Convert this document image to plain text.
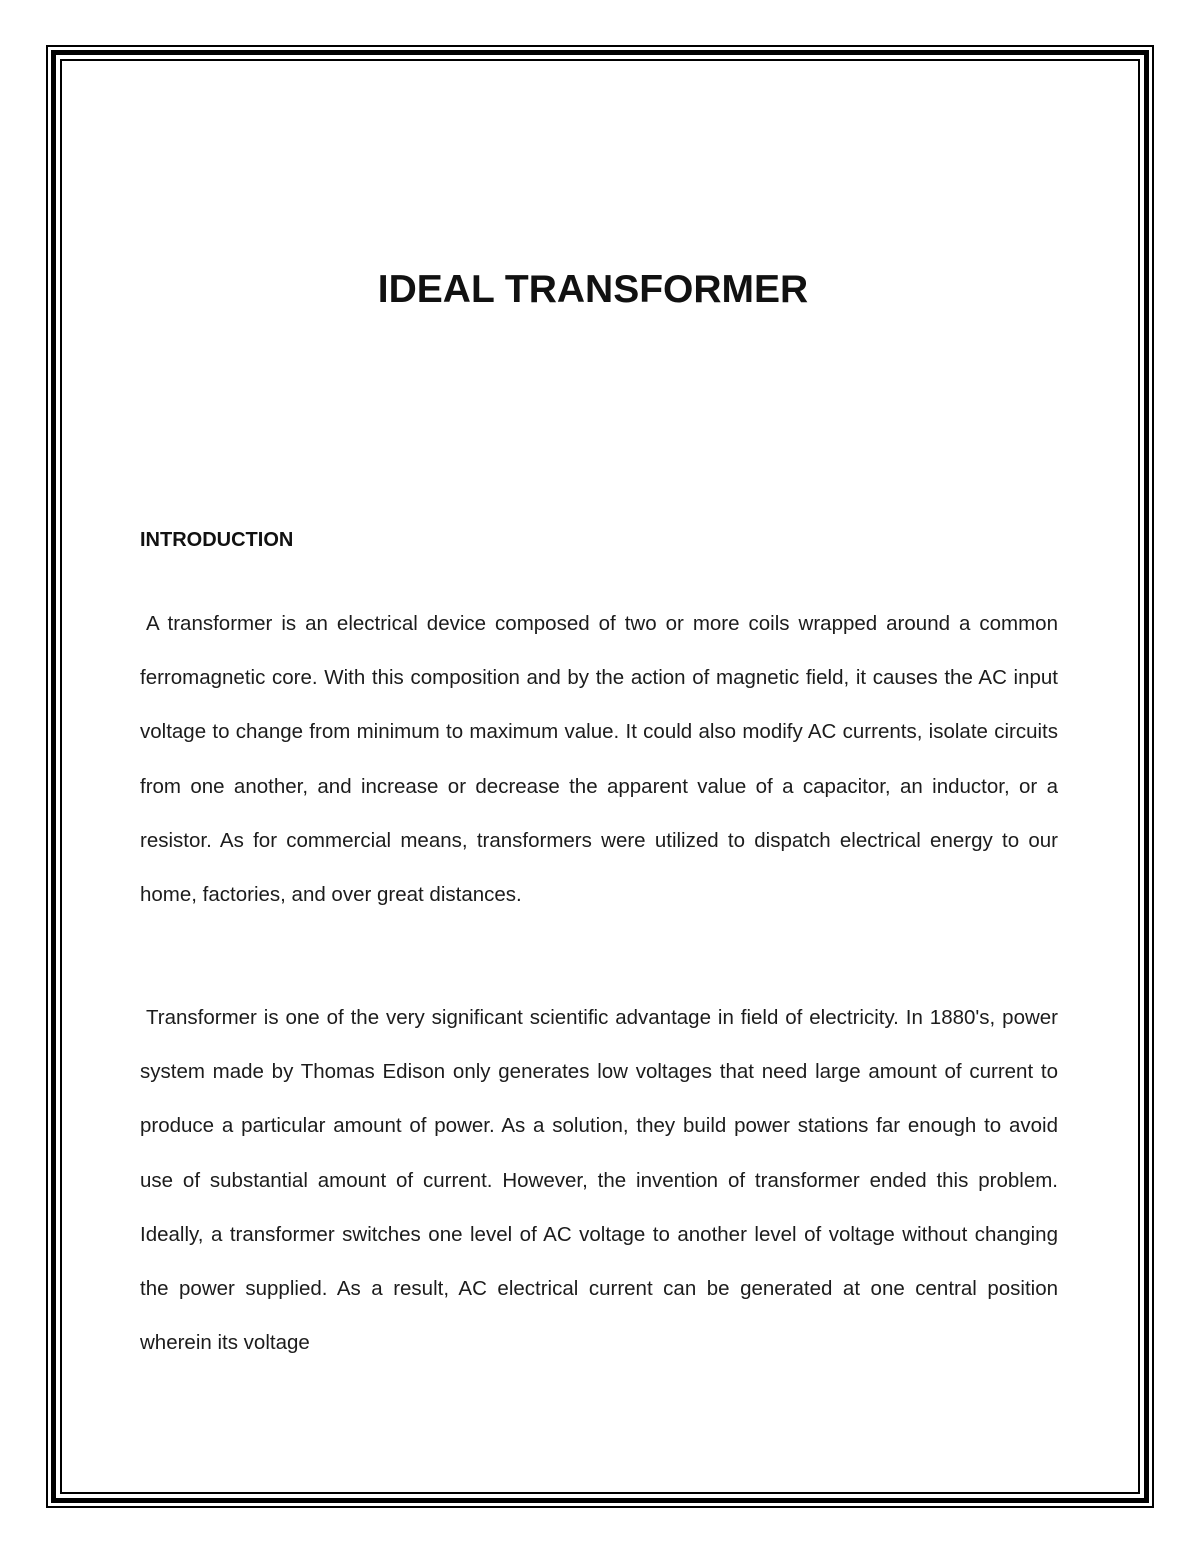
IDEAL TRANSFORMER
INTRODUCTION

A transformer is an electrical device composed of two or more coils wrapped around a common ferromagnetic core. With this composition and by the action of magnetic field, it causes the AC input voltage to change from minimum to maximum value. It could also modify AC currents, isolate circuits from one another, and increase or decrease the apparent value of a capacitor, an inductor, or a resistor. As for commercial means, transformers were utilized to dispatch electrical energy to our home, factories, and over great distances.

Transformer is one of the very significant scientific advantage in field of electricity. In 1880's, power system made by Thomas Edison only generates low voltages that need large amount of current to produce a particular amount of power. As a solution, they build power stations far enough to avoid use of substantial amount of current. However, the invention of transformer ended this problem. Ideally, a transformer switches one level of AC voltage to another level of voltage without changing the power supplied. As a result, AC electrical current can be generated at one central position wherein its voltage
